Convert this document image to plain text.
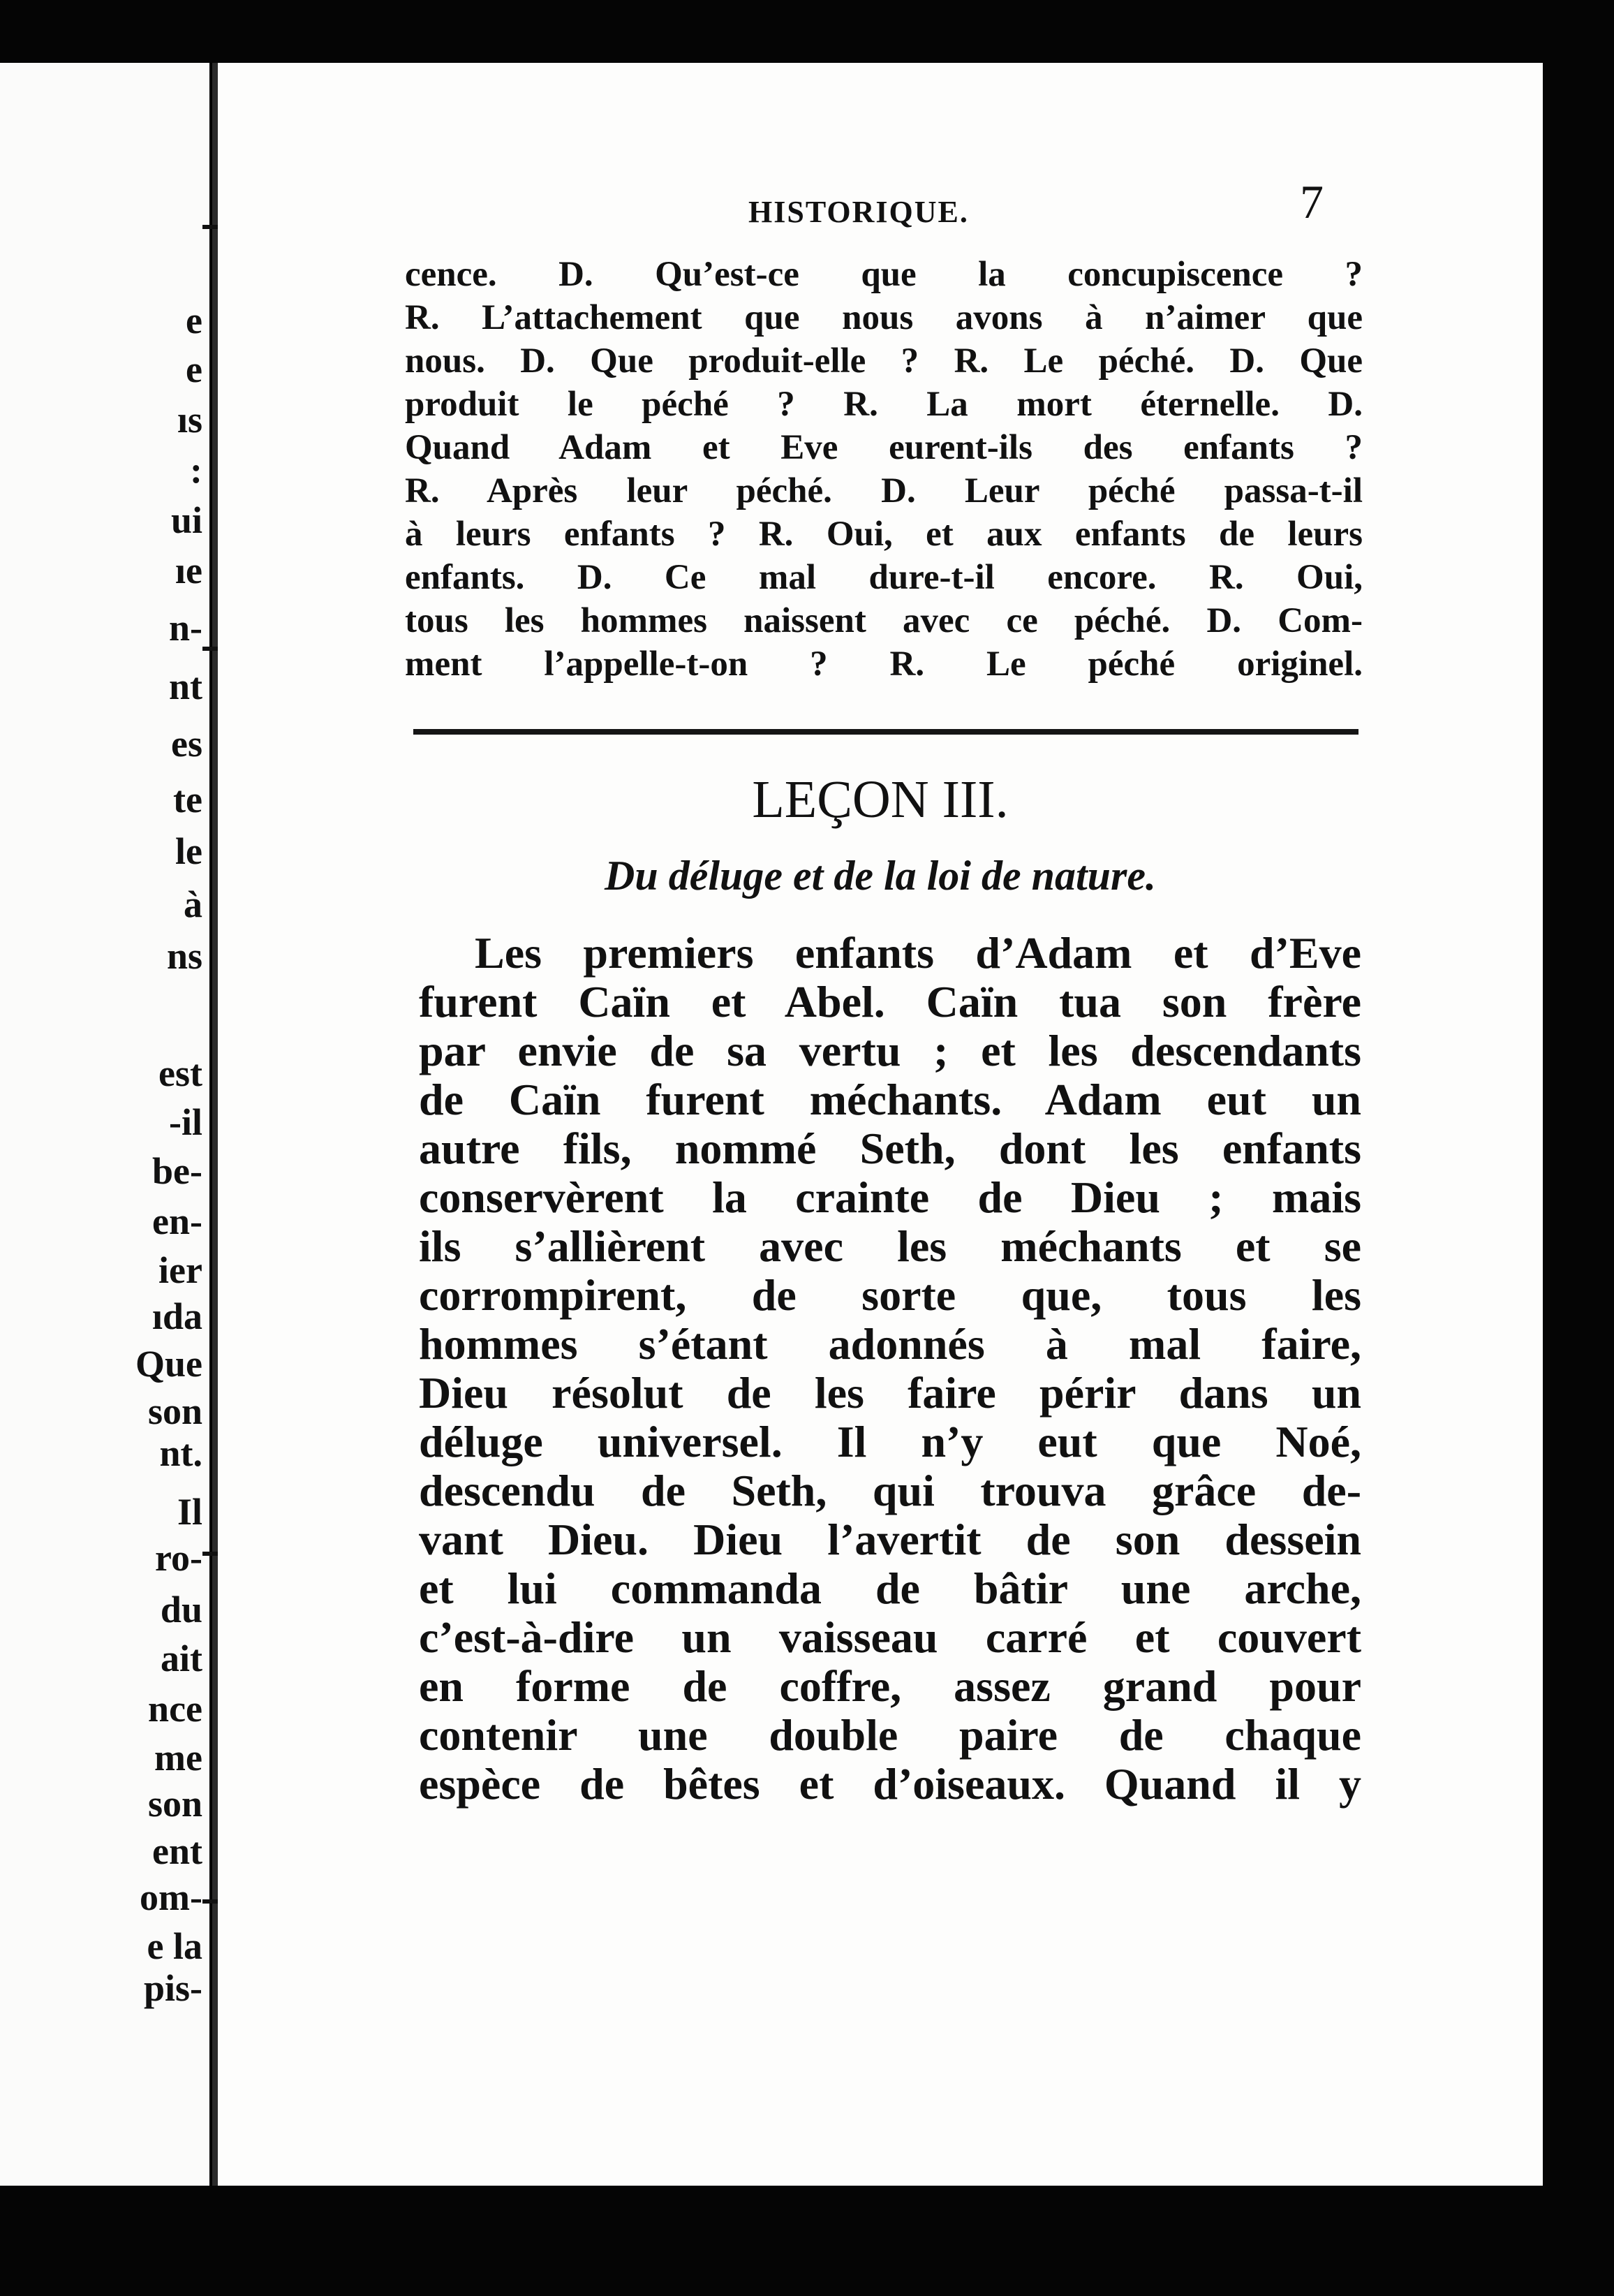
e
e
ıs
:
ui
ıe
n-
nt
es
te
le
à
ns
est
-il
be-
en-
ier
ıda
Que
son
nt.
Il
ro-
du
ait
nce
me
son
ent
om-
e la
pis-
HISTORIQUE.	7
cence. D. Qu’est-ce que la concupiscence ?
R. L’attachement que nous avons à n’aimer que
nous. D. Que produit-elle ? R. Le péché. D. Que
produit le péché ? R. La mort éternelle. D.
Quand Adam et Eve eurent-ils des enfants ?
R. Après leur péché. D. Leur péché passa-t-il
à leurs enfants ? R. Oui, et aux enfants de leurs
enfants. D. Ce mal dure-t-il encore. R. Oui,
tous les hommes naissent avec ce péché. D. Com-
ment l’appelle-t-on ? R. Le péché originel.
LEÇON III.
Du déluge et de la loi de nature.
Les premiers enfants d’Adam et d’Eve
furent Caïn et Abel. Caïn tua son frère
par envie de sa vertu ; et les descendants
de Caïn furent méchants. Adam eut un
autre fils, nommé Seth, dont les enfants
conservèrent la crainte de Dieu ; mais
ils s’allièrent avec les méchants et se
corrompirent, de sorte que, tous les
hommes s’étant adonnés à mal faire,
Dieu résolut de les faire périr dans un
déluge universel. Il n’y eut que Noé,
descendu de Seth, qui trouva grâce de-
vant Dieu. Dieu l’avertit de son dessein
et lui commanda de bâtir une arche,
c’est-à-dire un vaisseau carré et couvert
en forme de coffre, assez grand pour
contenir une double paire de chaque
espèce de bêtes et d’oiseaux. Quand il y
